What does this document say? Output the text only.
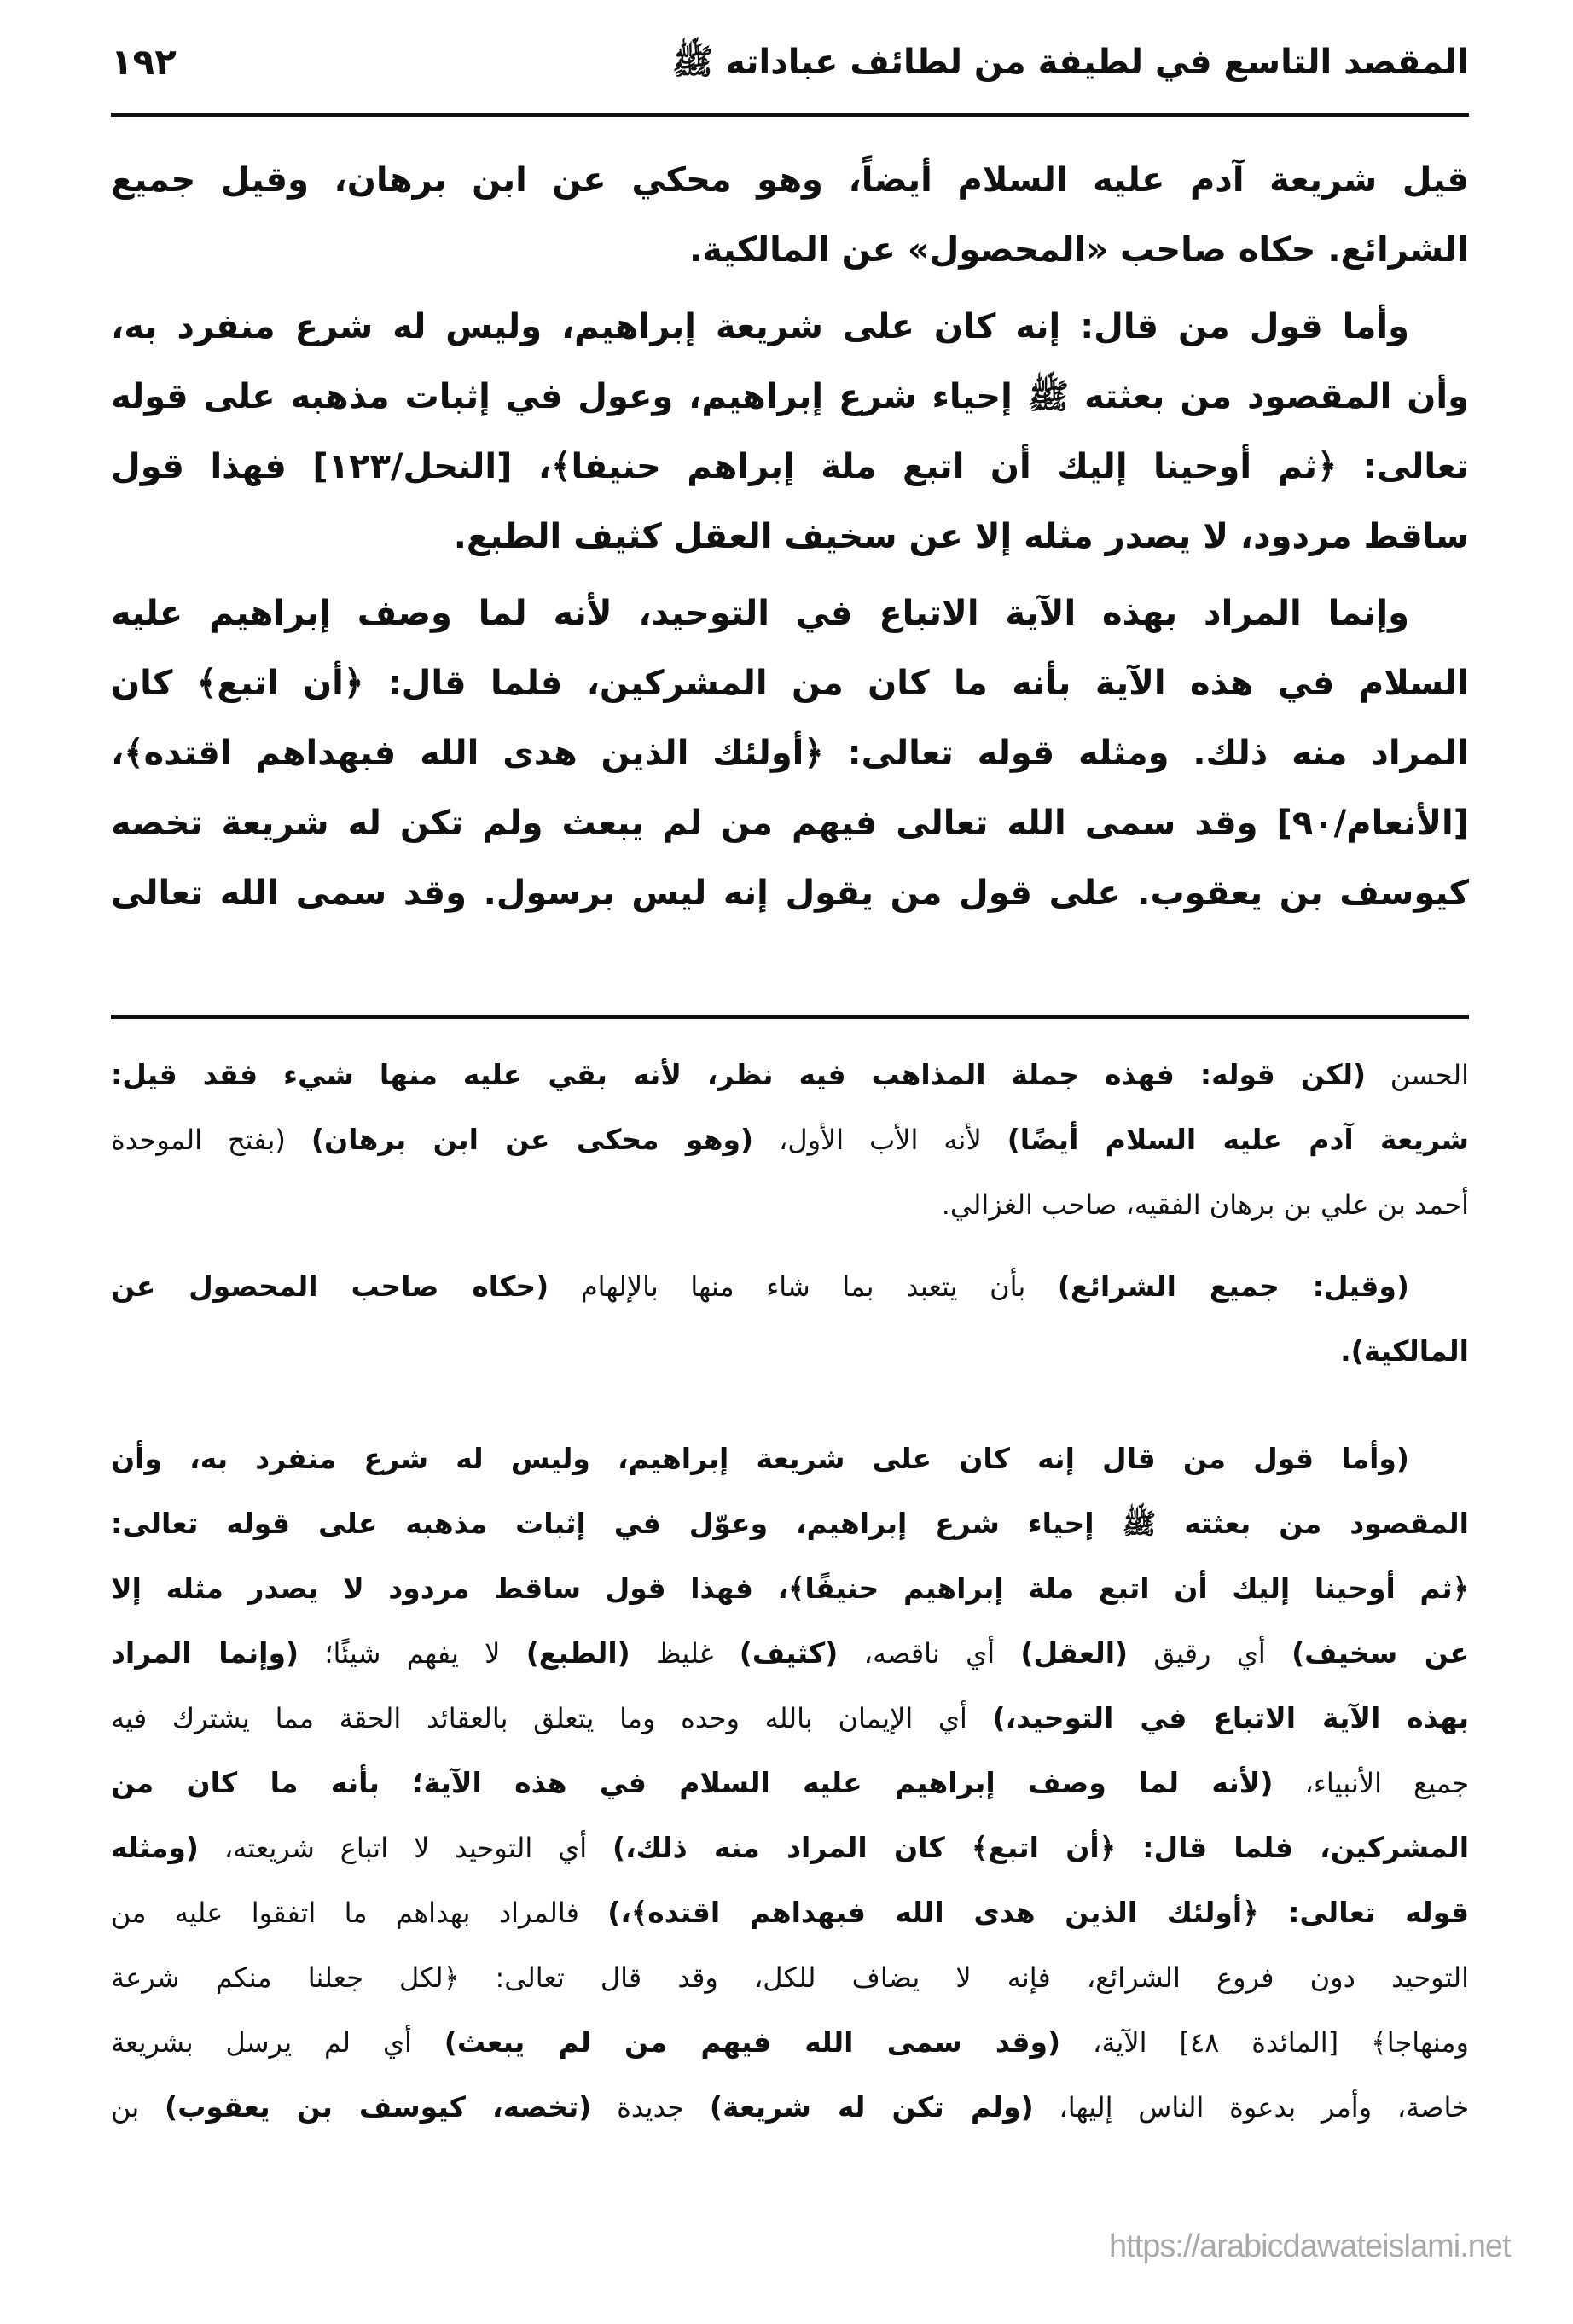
المقصد التاسع في لطيفة من لطائف عباداته ﷺ
١٩٢
قيل شريعة آدم عليه السلام أيضاً، وهو محكي عن ابن برهان، وقيل جميع
الشرائع. حكاه صاحب «المحصول» عن المالكية.
وأما قول من قال: إنه كان على شريعة إبراهيم، وليس له شرع منفرد به،
وأن المقصود من بعثته ﷺ إحياء شرع إبراهيم، وعول في إثبات مذهبه على قوله
تعالى: ﴿ثم أوحينا إليك أن اتبع ملة إبراهم حنيفا﴾، [النحل/١٢٣] فهذا قول
ساقط مردود، لا يصدر مثله إلا عن سخيف العقل كثيف الطبع.
وإنما المراد بهذه الآية الاتباع في التوحيد، لأنه لما وصف إبراهيم عليه
السلام في هذه الآية بأنه ما كان من المشركين، فلما قال: ﴿أن اتبع﴾ كان
المراد منه ذلك. ومثله قوله تعالى: ﴿أولئك الذين هدى الله فبهداهم اقتده﴾،
[الأنعام/٩٠] وقد سمى الله تعالى فيهم من لم يبعث ولم تكن له شريعة تخصه
كيوسف بن يعقوب. على قول من يقول إنه ليس برسول. وقد سمى الله تعالى
الحسن (لكن قوله: فهذه جملة المذاهب فيه نظر، لأنه بقي عليه منها شيء فقد قيل:
شريعة آدم عليه السلام أيضًا) لأنه الأب الأول، (وهو محكى عن ابن برهان) (بفتح الموحدة
أحمد بن علي بن برهان الفقيه، صاحب الغزالي.
(وقيل: جميع الشرائع) بأن يتعبد بما شاء منها بالإلهام (حكاه صاحب المحصول عن
المالكية).
(وأما قول من قال إنه كان على شريعة إبراهيم، وليس له شرع منفرد به، وأن
المقصود من بعثته ﷺ إحياء شرع إبراهيم، وعوّل في إثبات مذهبه على قوله تعالى:
﴿ثم أوحينا إليك أن اتبع ملة إبراهيم حنيفًا﴾، فهذا قول ساقط مردود لا يصدر مثله إلا
عن سخيف) أي رقيق (العقل) أي ناقصه، (كثيف) غليظ (الطبع) لا يفهم شيئًا؛ (وإنما المراد
بهذه الآية الاتباع في التوحيد،) أي الإيمان بالله وحده وما يتعلق بالعقائد الحقة مما يشترك فيه
جميع الأنبياء، (لأنه لما وصف إبراهيم عليه السلام في هذه الآية؛ بأنه ما كان من
المشركين، فلما قال: ﴿أن اتبع﴾ كان المراد منه ذلك،) أي التوحيد لا اتباع شريعته، (ومثله
قوله تعالى: ﴿أولئك الذين هدى الله فبهداهم اقتده﴾،) فالمراد بهداهم ما اتفقوا عليه من
التوحيد دون فروع الشرائع، فإنه لا يضاف للكل، وقد قال تعالى: ﴿لكل جعلنا منكم شرعة
ومنهاجا﴾ [المائدة ٤٨] الآية، (وقد سمى الله فيهم من لم يبعث) أي لم يرسل بشريعة
خاصة، وأمر بدعوة الناس إليها، (ولم تكن له شريعة) جديدة (تخصه، كيوسف بن يعقوب) بن
https://arabicdawateislami.net
